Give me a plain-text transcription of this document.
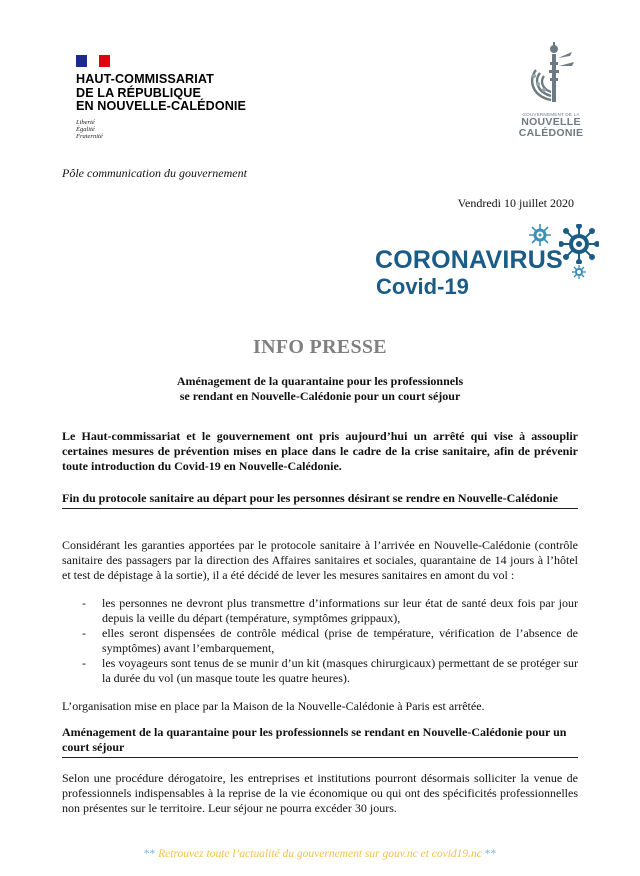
HAUT-COMMISSARIAT
DE LA RÉPUBLIQUE
EN NOUVELLE-CALÉDONIE
Liberté
Égalité
Fraternité
GOUVERNEMENT DE LA
NOUVELLE
CALÉDONIE
Pôle communication du gouvernement
Vendredi 10 juillet 2020
CORONAVIRUS
Covid-19
INFO PRESSE
Aménagement de la quarantaine pour les professionnels
se rendant en Nouvelle-Calédonie pour un court séjour
Le Haut-commissariat et le gouvernement ont pris aujourd’hui un arrêté qui vise à assouplir certaines mesures de prévention mises en place dans le cadre de la crise sanitaire, afin de prévenir toute introduction du Covid-19 en Nouvelle-Calédonie.
Fin du protocole sanitaire au départ pour les personnes désirant se rendre en Nouvelle-Calédonie
Considérant les garanties apportées par le protocole sanitaire à l’arrivée en Nouvelle-Calédonie (contrôle sanitaire des passagers par la direction des Affaires sanitaires et sociales, quarantaine de 14 jours à l’hôtel et test de dépistage à la sortie), il a été décidé de lever les mesures sanitaires en amont du vol :
- les personnes ne devront plus transmettre d’informations sur leur état de santé deux fois par jour depuis la veille du départ (température, symptômes grippaux),
- elles seront dispensées de contrôle médical (prise de température, vérification de l’absence de symptômes) avant l’embarquement,
- les voyageurs sont tenus de se munir d’un kit (masques chirurgicaux) permettant de se protéger sur la durée du vol (un masque toute les quatre heures).
L’organisation mise en place par la Maison de la Nouvelle-Calédonie à Paris est arrêtée.
Aménagement de la quarantaine pour les professionnels se rendant en Nouvelle-Calédonie pour un court séjour
Selon une procédure dérogatoire, les entreprises et institutions pourront désormais solliciter la venue de professionnels indispensables à la reprise de la vie économique ou qui ont des spécificités professionnelles non présentes sur le territoire. Leur séjour ne pourra excéder 30 jours.
** Retrouvez toute l’actualité du gouvernement sur gouv.nc et covid19.nc **
